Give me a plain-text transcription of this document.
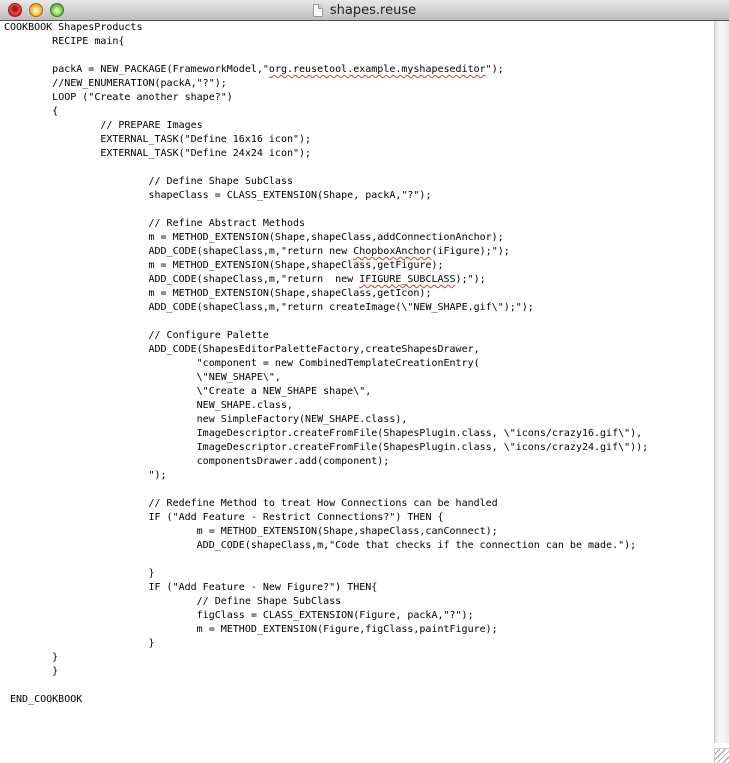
shapes.reuse
COOKBOOK ShapesProducts
	RECIPE main{

	packA = NEW_PACKAGE(FrameworkModel,"org.reusetool.example.myshapeseditor");
	//NEW_ENUMERATION(packA,"?");
	LOOP ("Create another shape?")
	{
		// PREPARE Images
		EXTERNAL_TASK("Define 16x16 icon");
		EXTERNAL_TASK("Define 24x24 icon");

			// Define Shape SubClass
			shapeClass = CLASS_EXTENSION(Shape, packA,"?");

			// Refine Abstract Methods
			m = METHOD_EXTENSION(Shape,shapeClass,addConnectionAnchor);
			ADD_CODE(shapeClass,m,"return new ChopboxAnchor(iFigure);");
			m = METHOD_EXTENSION(Shape,shapeClass,getFigure);
			ADD_CODE(shapeClass,m,"return  new IFIGURE_SUBCLASS);");
			m = METHOD_EXTENSION(Shape,shapeClass,getIcon);
			ADD_CODE(shapeClass,m,"return createImage(\"NEW_SHAPE.gif\");");

			// Configure Palette
			ADD_CODE(ShapesEditorPaletteFactory,createShapesDrawer,
				"component = new CombinedTemplateCreationEntry(
				\"NEW_SHAPE\",
				\"Create a NEW_SHAPE shape\",
				NEW_SHAPE.class,
				new SimpleFactory(NEW_SHAPE.class),
				ImageDescriptor.createFromFile(ShapesPlugin.class, \"icons/crazy16.gif\"),
				ImageDescriptor.createFromFile(ShapesPlugin.class, \"icons/crazy24.gif\"));
				componentsDrawer.add(component);
			");

			// Redefine Method to treat How Connections can be handled
			IF ("Add Feature - Restrict Connections?") THEN {
				m = METHOD_EXTENSION(Shape,shapeClass,canConnect);
				ADD_CODE(shapeClass,m,"Code that checks if the connection can be made.");

			}
			IF ("Add Feature - New Figure?") THEN{
				// Define Shape SubClass
				figClass = CLASS_EXTENSION(Figure, packA,"?");
				m = METHOD_EXTENSION(Figure,figClass,paintFigure);
			}
	}
	}

END_COOKBOOK
